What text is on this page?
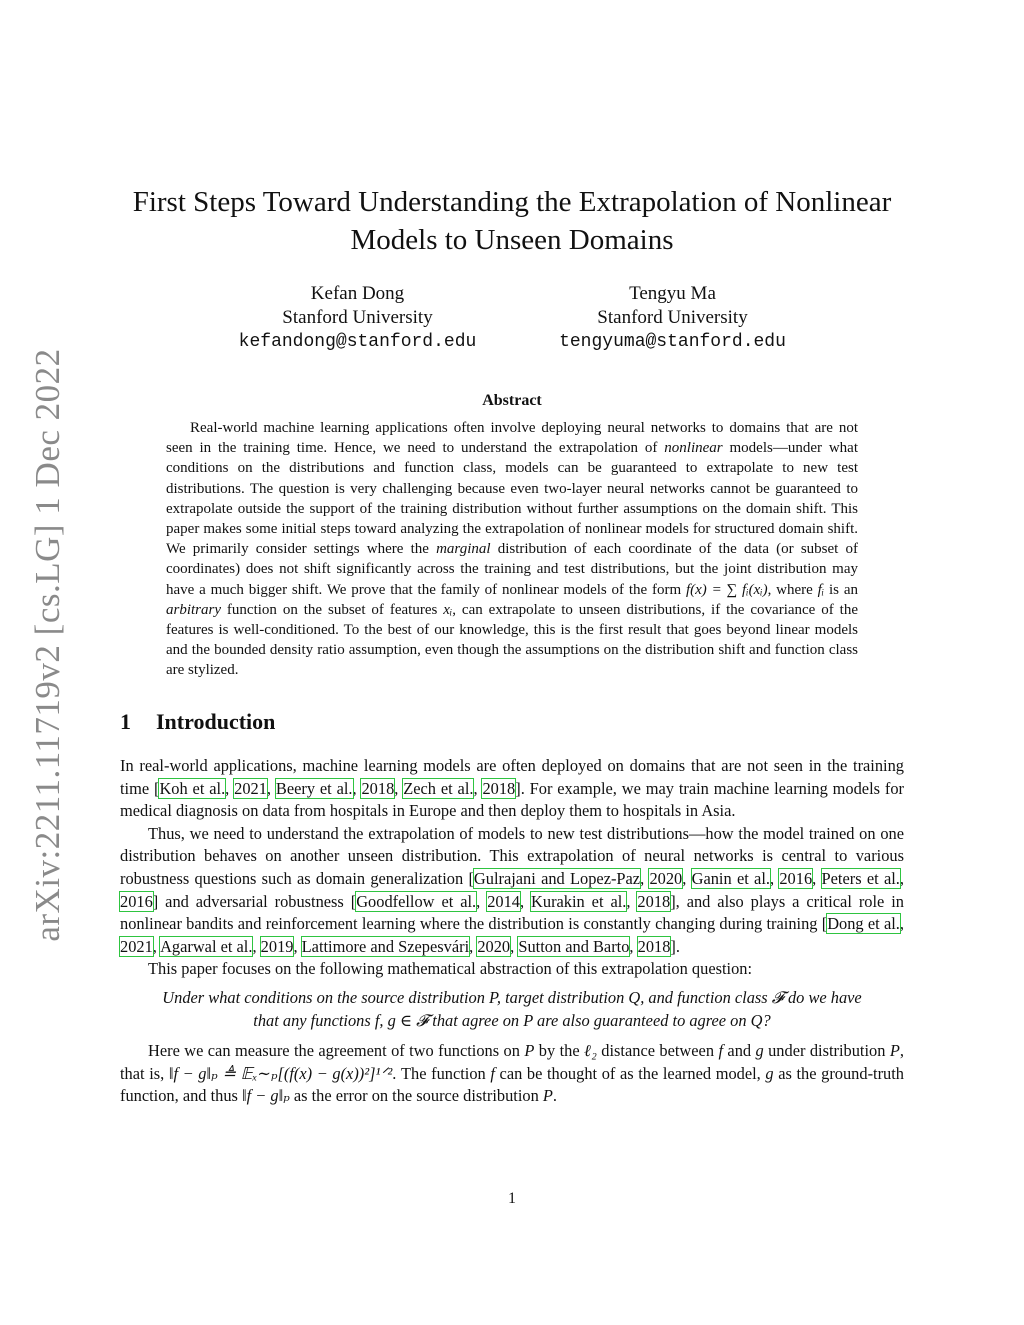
arXiv:2211.11719v2 [cs.LG] 1 Dec 2022
First Steps Toward Understanding the Extrapolation of Nonlinear
Models to Unseen Domains
Kefan Dong
Stanford University
kefandong@stanford.edu
Tengyu Ma
Stanford University
tengyuma@stanford.edu
Abstract

Real-world machine learning applications often involve deploying neural networks to domains that are not seen in the training time. Hence, we need to understand the extrapolation of nonlinear models—under what conditions on the distributions and function class, models can be guaranteed to extrapolate to new test distributions. The question is very challenging because even two-layer neural networks cannot be guaranteed to extrapolate outside the support of the training distribution without further assumptions on the domain shift. This paper makes some initial steps toward analyzing the extrapolation of nonlinear models for structured domain shift. We primarily consider settings where the marginal distribution of each coordinate of the data (or subset of coordinates) does not shift significantly across the training and test distributions, but the joint distribution may have a much bigger shift. We prove that the family of nonlinear models of the form f(x) = ∑ fᵢ(xᵢ), where fᵢ is an arbitrary function on the subset of features xᵢ, can extrapolate to unseen distributions, if the covariance of the features is well-conditioned. To the best of our knowledge, this is the first result that goes beyond linear models and the bounded density ratio assumption, even though the assumptions on the distribution shift and function class are stylized.

1 Introduction

In real-world applications, machine learning models are often deployed on domains that are not seen in the training time [Koh et al., 2021, Beery et al., 2018, Zech et al., 2018]. For example, we may train machine learning models for medical diagnosis on data from hospitals in Europe and then deploy them to hospitals in Asia.

Thus, we need to understand the extrapolation of models to new test distributions—how the model trained on one distribution behaves on another unseen distribution. This extrapolation of neural networks is central to various robustness questions such as domain generalization [Gulrajani and Lopez-Paz, 2020, Ganin et al., 2016, Peters et al., 2016] and adversarial robustness [Goodfellow et al., 2014, Kurakin et al., 2018], and also plays a critical role in nonlinear bandits and reinforcement learning where the distribution is constantly changing during training [Dong et al., 2021, Agarwal et al., 2019, Lattimore and Szepesvári, 2020, Sutton and Barto, 2018].

This paper focuses on the following mathematical abstraction of this extrapolation question:

Under what conditions on the source distribution P, target distribution Q, and function class 𝓕 do we have
that any functions f, g ∈ 𝓕 that agree on P are also guaranteed to agree on Q?

Here we can measure the agreement of two functions on P by the ℓ₂ distance between f and g under distribution P, that is, ‖f − g‖ₚ ≜ 𝔼ₓ∼ₚ[(f(x) − g(x))²]¹ᐟ². The function f can be thought of as the learned model, g as the ground-truth function, and thus ‖f − g‖ₚ as the error on the source distribution P.

1
